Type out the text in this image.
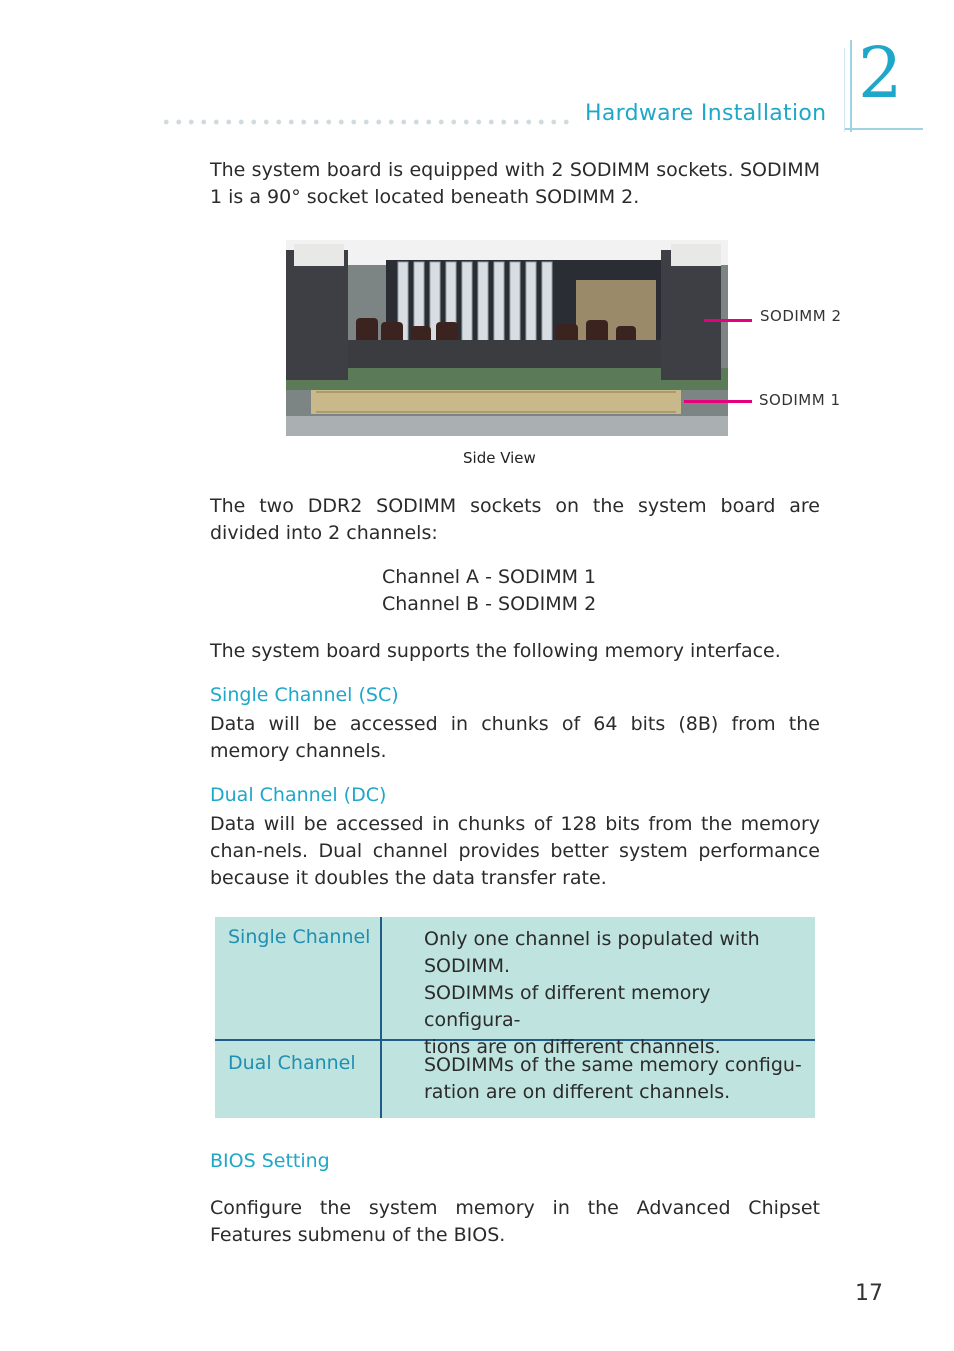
Hardware Installation 2
The system board is equipped with 2 SODIMM sockets. SODIMM 1 is a 90° socket located beneath SODIMM 2.
SODIMM 2
SODIMM 1
Side View
The two DDR2 SODIMM sockets on the system board are divided into 2 channels:
Channel A - SODIMM 1
Channel B - SODIMM 2
The system board supports the following memory interface.
Single Channel (SC)
Data will be accessed in chunks of 64 bits (8B) from the memory channels.
Dual Channel (DC)
Data will be accessed in chunks of 128 bits from the memory chan-nels. Dual channel provides better system performance because it doubles the data transfer rate.
Single Channel	Only one channel is populated with
SODIMM.
SODIMMs of different memory configura-
tions are on different channels.
Dual Channel	SODIMMs of the same memory configu-
ration are on different channels.
BIOS Setting
Configure the system memory in the Advanced Chipset Features submenu of the BIOS.
17
